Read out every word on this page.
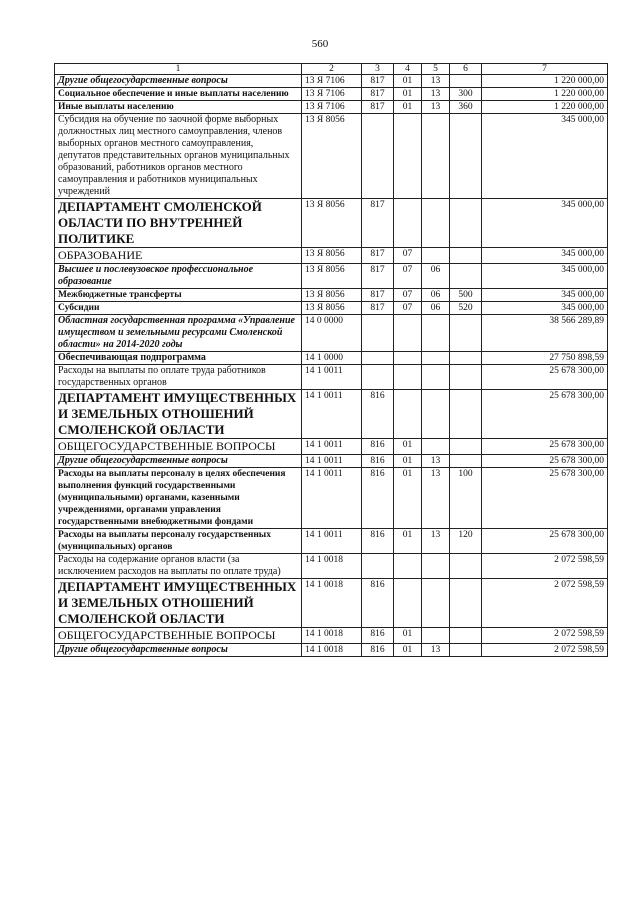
560
1	2	3	4	5	6	7
Другие общегосударственные вопросы	13 Я 7106	817	01	13		1 220 000,00
Социальное обеспечение и иные выплаты населению	13 Я 7106	817	01	13	300	1 220 000,00
Иные выплаты населению	13 Я 7106	817	01	13	360	1 220 000,00
Субсидия на обучение по заочной форме выборных должностных лиц местного самоуправления, членов выборных органов местного самоуправления, депутатов представительных органов муниципальных образований, работников органов местного самоуправления и работников муниципальных учреждений	13 Я 8056					345 000,00
ДЕПАРТАМЕНТ СМОЛЕНСКОЙ ОБЛАСТИ ПО ВНУТРЕННЕЙ ПОЛИТИКЕ	13 Я 8056	817				345 000,00
ОБРАЗОВАНИЕ	13 Я 8056	817	07			345 000,00
Высшее и послевузовское профессиональное образование	13 Я 8056	817	07	06		345 000,00
Межбюджетные трансферты	13 Я 8056	817	07	06	500	345 000,00
Субсидии	13 Я 8056	817	07	06	520	345 000,00
Областная государственная программа «Управление имуществом и земельными ресурсами Смоленской области» на 2014-2020 годы	14 0 0000					38 566 289,89
Обеспечивающая подпрограмма	14 1 0000					27 750 898,59
Расходы на выплаты по оплате труда работников государственных органов	14 1 0011					25 678 300,00
ДЕПАРТАМЕНТ ИМУЩЕСТВЕННЫХ И ЗЕМЕЛЬНЫХ ОТНОШЕНИЙ СМОЛЕНСКОЙ ОБЛАСТИ	14 1 0011	816				25 678 300,00
ОБЩЕГОСУДАРСТВЕННЫЕ ВОПРОСЫ	14 1 0011	816	01			25 678 300,00
Другие общегосударственные вопросы	14 1 0011	816	01	13		25 678 300,00
Расходы на выплаты персоналу в целях обеспечения выполнения функций государственными (муниципальными) органами, казенными учреждениями, органами управления государственными внебюджетными фондами	14 1 0011	816	01	13	100	25 678 300,00
Расходы на выплаты персоналу государственных (муниципальных) органов	14 1 0011	816	01	13	120	25 678 300,00
Расходы на содержание органов власти (за исключением расходов на выплаты по оплате труда)	14 1 0018					2 072 598,59
ДЕПАРТАМЕНТ ИМУЩЕСТВЕННЫХ И ЗЕМЕЛЬНЫХ ОТНОШЕНИЙ СМОЛЕНСКОЙ ОБЛАСТИ	14 1 0018	816				2 072 598,59
ОБЩЕГОСУДАРСТВЕННЫЕ ВОПРОСЫ	14 1 0018	816	01			2 072 598,59
Другие общегосударственные вопросы	14 1 0018	816	01	13		2 072 598,59
